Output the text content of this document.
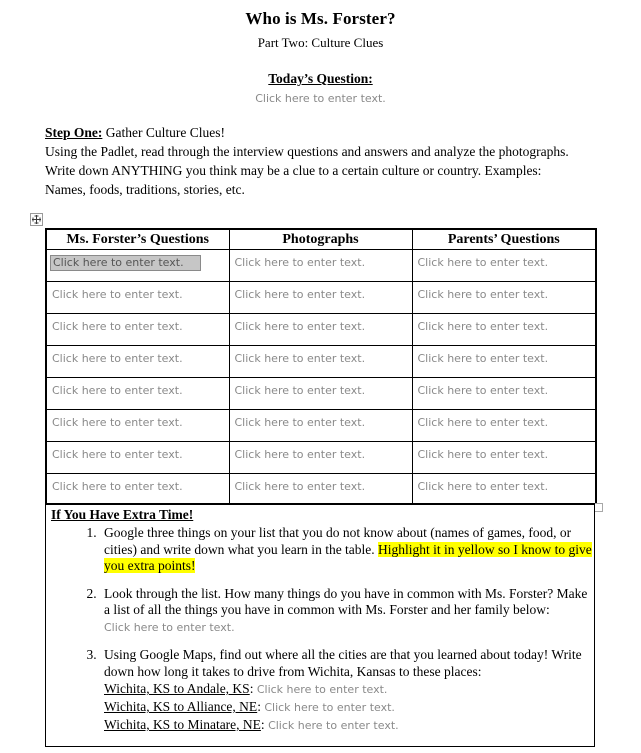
Who is Ms. Forster?
Part Two: Culture Clues
Today’s Question:
Click here to enter text.
Step One: Gather Culture Clues!
Using the Padlet, read through the interview questions and answers and analyze the photographs.
Write down ANYTHING you think may be a clue to a certain culture or country. Examples:
Names, foods, traditions, stories, etc.
Ms. Forster’s Questions	Photographs	Parents’ Questions

Click here to enter text.	Click here to enter text.	Click here to enter text.

Click here to enter text.	Click here to enter text.	Click here to enter text.

Click here to enter text.	Click here to enter text.	Click here to enter text.

Click here to enter text.	Click here to enter text.	Click here to enter text.

Click here to enter text.	Click here to enter text.	Click here to enter text.

Click here to enter text.	Click here to enter text.	Click here to enter text.

Click here to enter text.	Click here to enter text.	Click here to enter text.

Click here to enter text.	Click here to enter text.	Click here to enter text.
If You Have Extra Time!
1. Google three things on your list that you do not know about (names of games, food, or cities) and write down what you learn in the table. Highlight it in yellow so I know to give you extra points!
2. Look through the list. How many things do you have in common with Ms. Forster? Make a list of all the things you have in common with Ms. Forster and her family below:
Click here to enter text.
3. Using Google Maps, find out where all the cities are that you learned about today! Write down how long it takes to drive from Wichita, Kansas to these places:
Wichita, KS to Andale, KS: Click here to enter text.
Wichita, KS to Alliance, NE: Click here to enter text.
Wichita, KS to Minatare, NE: Click here to enter text.
